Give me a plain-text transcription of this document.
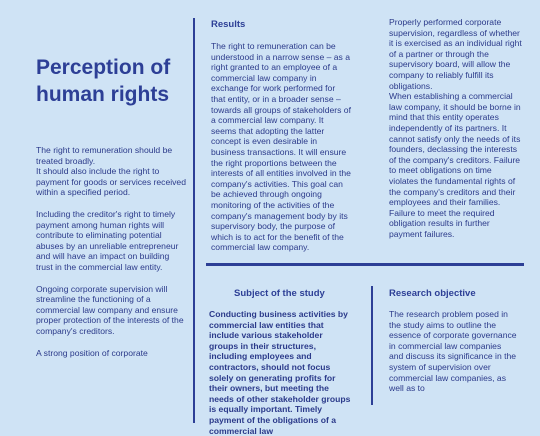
Perception of human rights

The right to remuneration should be treated broadly.
It should also include the right to payment for goods or services received within a specified period.

Including the creditor's right to timely payment among human rights will contribute to eliminating potential abuses by an unreliable entrepreneur and will have an impact on building trust in the commercial law entity.

Ongoing corporate supervision will streamline the functioning of a commercial law company and ensure proper protection of the interests of the company's creditors.

A strong position of corporate

Results
The right to remuneration can be understood in a narrow sense – as a right granted to an employee of a commercial law company in exchange for work performed for that entity, or in a broader sense – towards all groups of stakeholders of a commercial law company. It seems that adopting the latter concept is even desirable in business transactions. It will ensure the right proportions between the interests of all entities involved in the company's activities. This goal can be achieved through ongoing monitoring of the activities of the company's management body by its supervisory body, the purpose of which is to act for the benefit of the commercial law company.

Properly performed corporate supervision, regardless of whether it is exercised as an individual right of a partner or through the supervisory board, will allow the company to reliably fulfill its obligations.

When establishing a commercial law company, it should be borne in mind that this entity operates independently of its partners. It cannot satisfy only the needs of its founders, declassing the interests of the company's creditors. Failure to meet obligations on time violates the fundamental rights of the company's creditors and their employees and their families. Failure to meet the required obligation results in further payment failures.

Subject of the study
Conducting business activities by commercial law entities that include various stakeholder groups in their structures, including employees and contractors, should not focus solely on generating profits for their owners, but meeting the needs of other stakeholder groups is equally important. Timely payment of the obligations of a commercial law
Research objective
The research problem posed in the study aims to outline the essence of corporate governance in commercial law companies and discuss its significance in the system of supervision over commercial law companies, as well as to
